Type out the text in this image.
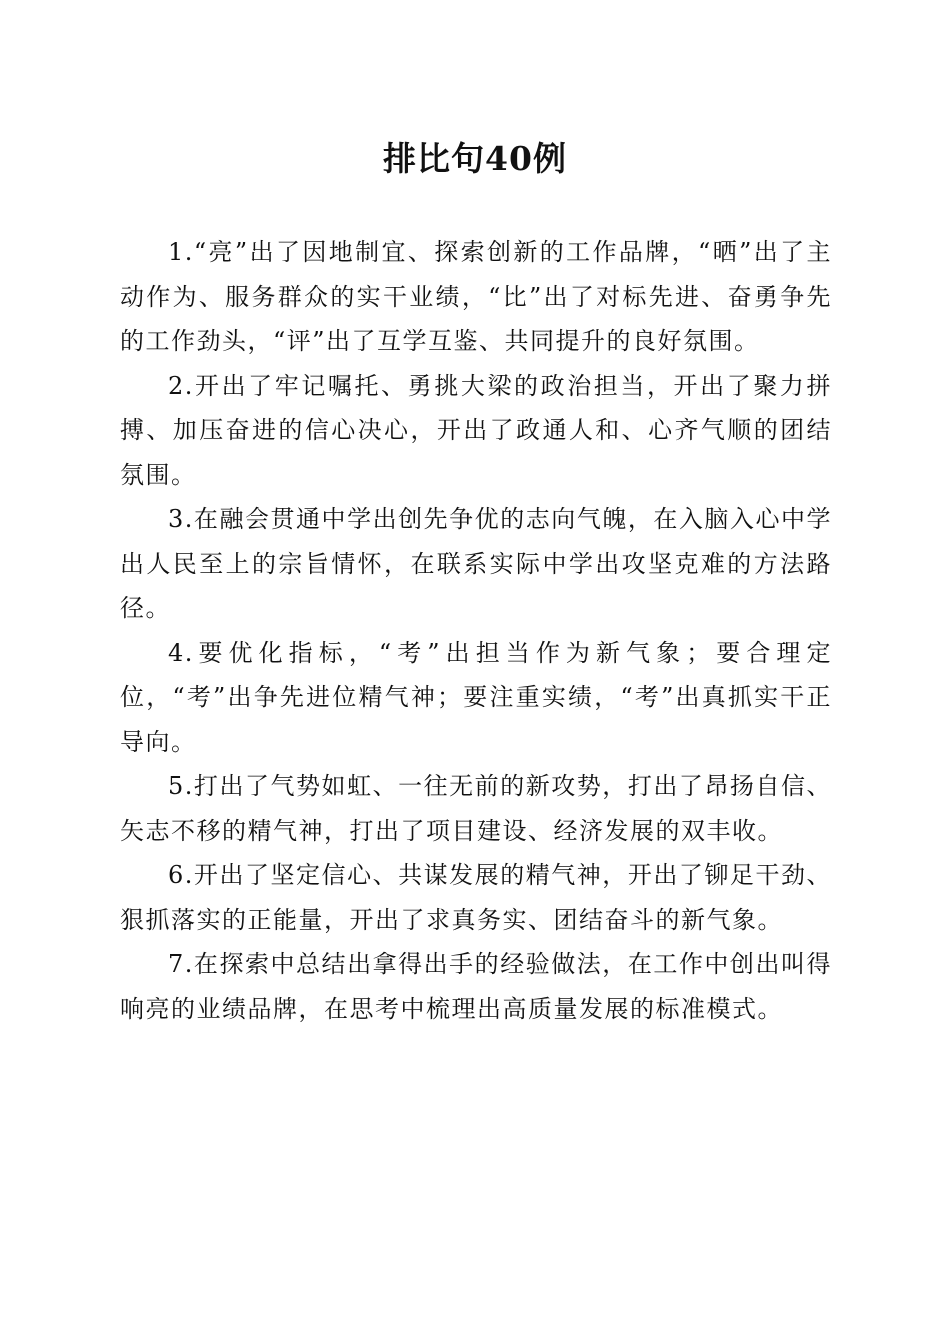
排比句40例

1.“亮”出了因地制宜、探索创新的工作品牌，“晒”出了主动作为、服务群众的实干业绩，“比”出了对标先进、奋勇争先的工作劲头，“评”出了互学互鉴、共同提升的良好氛围。

2.开出了牢记嘱托、勇挑大梁的政治担当，开出了聚力拼搏、加压奋进的信心决心，开出了政通人和、心齐气顺的团结氛围。

3.在融会贯通中学出创先争优的志向气魄，在入脑入心中学出人民至上的宗旨情怀，在联系实际中学出攻坚克难的方法路径。

4.要优化指标，“考”出担当作为新气象；要合理定位，“考”出争先进位精气神；要注重实绩，“考”出真抓实干正导向。

5.打出了气势如虹、一往无前的新攻势，打出了昂扬自信、矢志不移的精气神，打出了项目建设、经济发展的双丰收。

6.开出了坚定信心、共谋发展的精气神，开出了铆足干劲、狠抓落实的正能量，开出了求真务实、团结奋斗的新气象。

7.在探索中总结出拿得出手的经验做法，在工作中创出叫得响亮的业绩品牌，在思考中梳理出高质量发展的标准模式。
